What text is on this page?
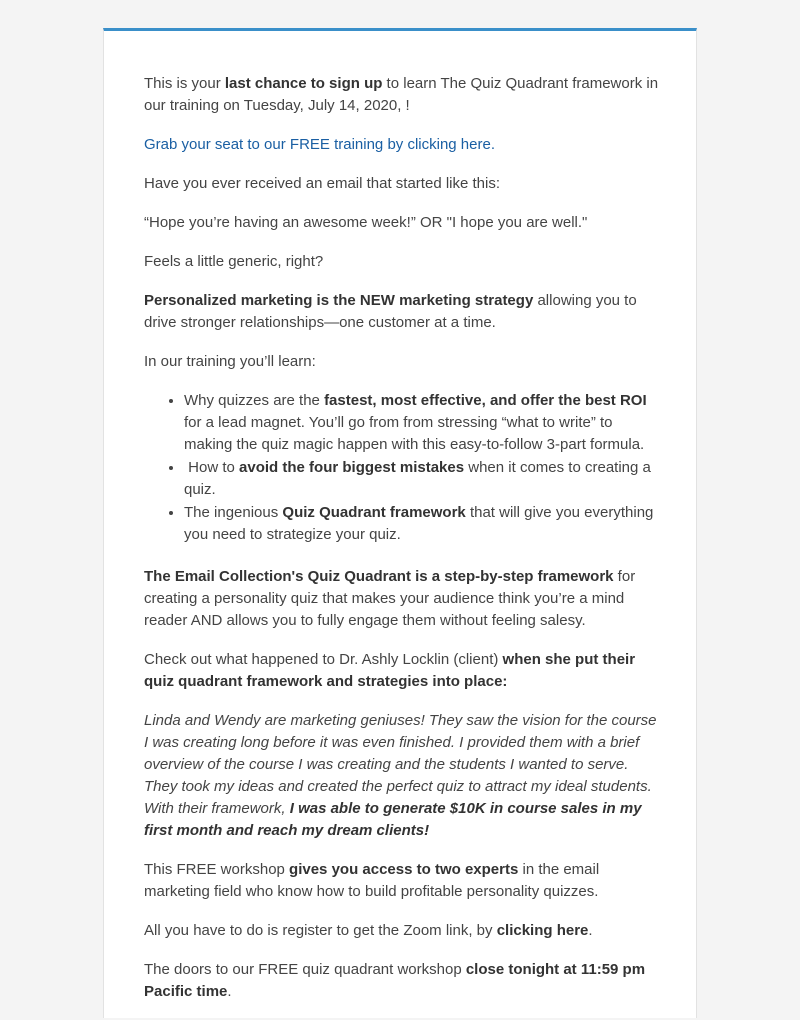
This is your last chance to sign up to learn The Quiz Quadrant framework in our training on Tuesday, July 14, 2020, !

Grab your seat to our FREE training by clicking here.

Have you ever received an email that started like this:

“Hope you’re having an awesome week!” OR "I hope you are well."

Feels a little generic, right?

Personalized marketing is the NEW marketing strategy allowing you to drive stronger relationships—one customer at a time.

In our training you’ll learn:

• Why quizzes are the fastest, most effective, and offer the best ROI for a lead magnet. You’ll go from from stressing “what to write” to making the quiz magic happen with this easy-to-follow 3-part formula.
•  How to avoid the four biggest mistakes when it comes to creating a quiz.
• The ingenious Quiz Quadrant framework that will give you everything you need to strategize your quiz.

The Email Collection's Quiz Quadrant is a step-by-step framework for creating a personality quiz that makes your audience think you’re a mind reader AND allows you to fully engage them without feeling salesy.

Check out what happened to Dr. Ashly Locklin (client) when she put their quiz quadrant framework and strategies into place:

Linda and Wendy are marketing geniuses! They saw the vision for the course I was creating long before it was even finished. I provided them with a brief overview of the course I was creating and the students I wanted to serve. They took my ideas and created the perfect quiz to attract my ideal students. With their framework, I was able to generate $10K in course sales in my first month and reach my dream clients!

This FREE workshop gives you access to two experts in the email marketing field who know how to build profitable personality quizzes.

All you have to do is register to get the Zoom link, by clicking here.

The doors to our FREE quiz quadrant workshop close tonight at 11:59 pm Pacific time.
